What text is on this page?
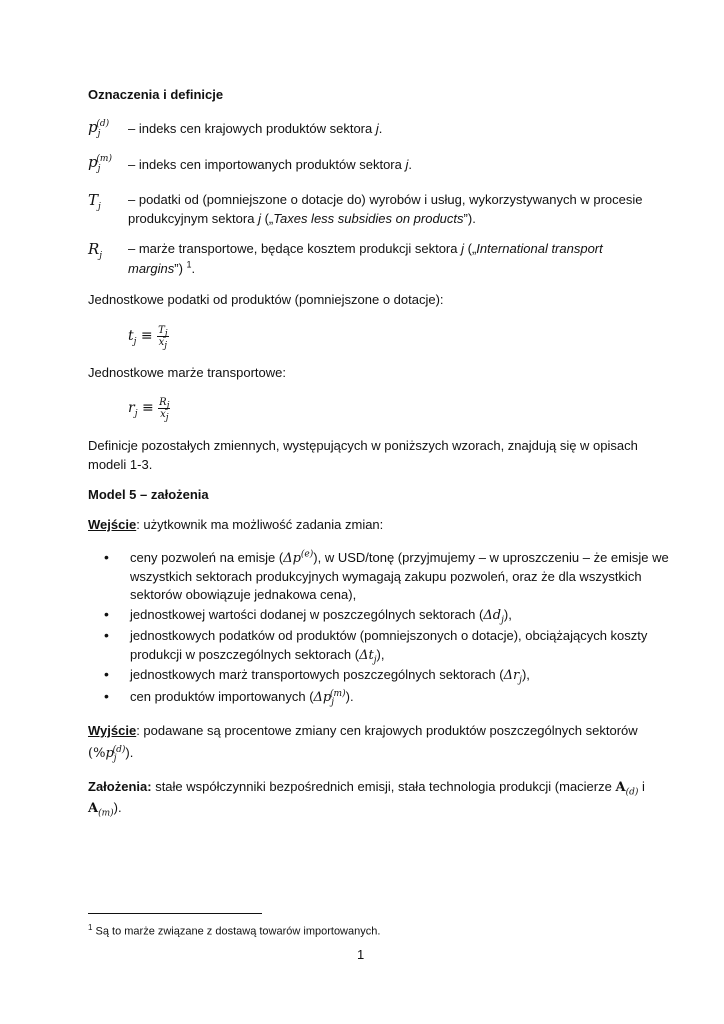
Oznaczenia i definicje
$p_j^{(d)}$ – indeks cen krajowych produktów sektora j.
$p_j^{(m)}$ – indeks cen importowanych produktów sektora j.
$T_j$ – podatki od (pomniejszone o dotacje do) wyrobów i usług, wykorzystywanych w procesie
produkcyjnym sektora j („Taxes less subsidies on products”).
$R_j$ – marże transportowe, będące kosztem produkcji sektora j („International transport
margins”) $^1$.
Jednostkowe podatki od produktów (pomniejszone o dotacje):
$t_j \equiv \frac{T_j}{x_j}$
Jednostkowe marże transportowe:
$r_j \equiv \frac{R_j}{x_j}$
Definicje pozostałych zmiennych, występujących w poniższych wzorach, znajdują się w opisach
modeli 1-3.
Model 5 – założenia
Wejście: użytkownik ma możliwość zadania zmian:
• ceny pozwoleń na emisje $(\Delta p^{(e)})$, w USD/tonę (przyjmujemy – w uproszczeniu – że emisje we
wszystkich sektorach produkcyjnych wymagają zakupu pozwoleń, oraz że dla wszystkich
sektorów obowiązuje jednakowa cena),
• jednostkowej wartości dodanej w poszczególnych sektorach $(\Delta d_j)$,
• jednostkowych podatków od produktów (pomniejszonych o dotacje), obciążających koszty
produkcji w poszczególnych sektorach $(\Delta t_j)$,
• jednostkowych marż transportowych poszczególnych sektorach $(\Delta r_j)$,
• cen produktów importowanych $(\Delta p_j^{(m)})$.
Wyjście: podawane są procentowe zmiany cen krajowych produktów poszczególnych sektorów
$(\%p_j^{(d)})$.
Założenia: stałe współczynniki bezpośrednich emisji, stała technologia produkcji (macierze $A_{(d)}$ i
$A_{(m)}$).
$^1$ Są to marże związane z dostawą towarów importowanych.
1
